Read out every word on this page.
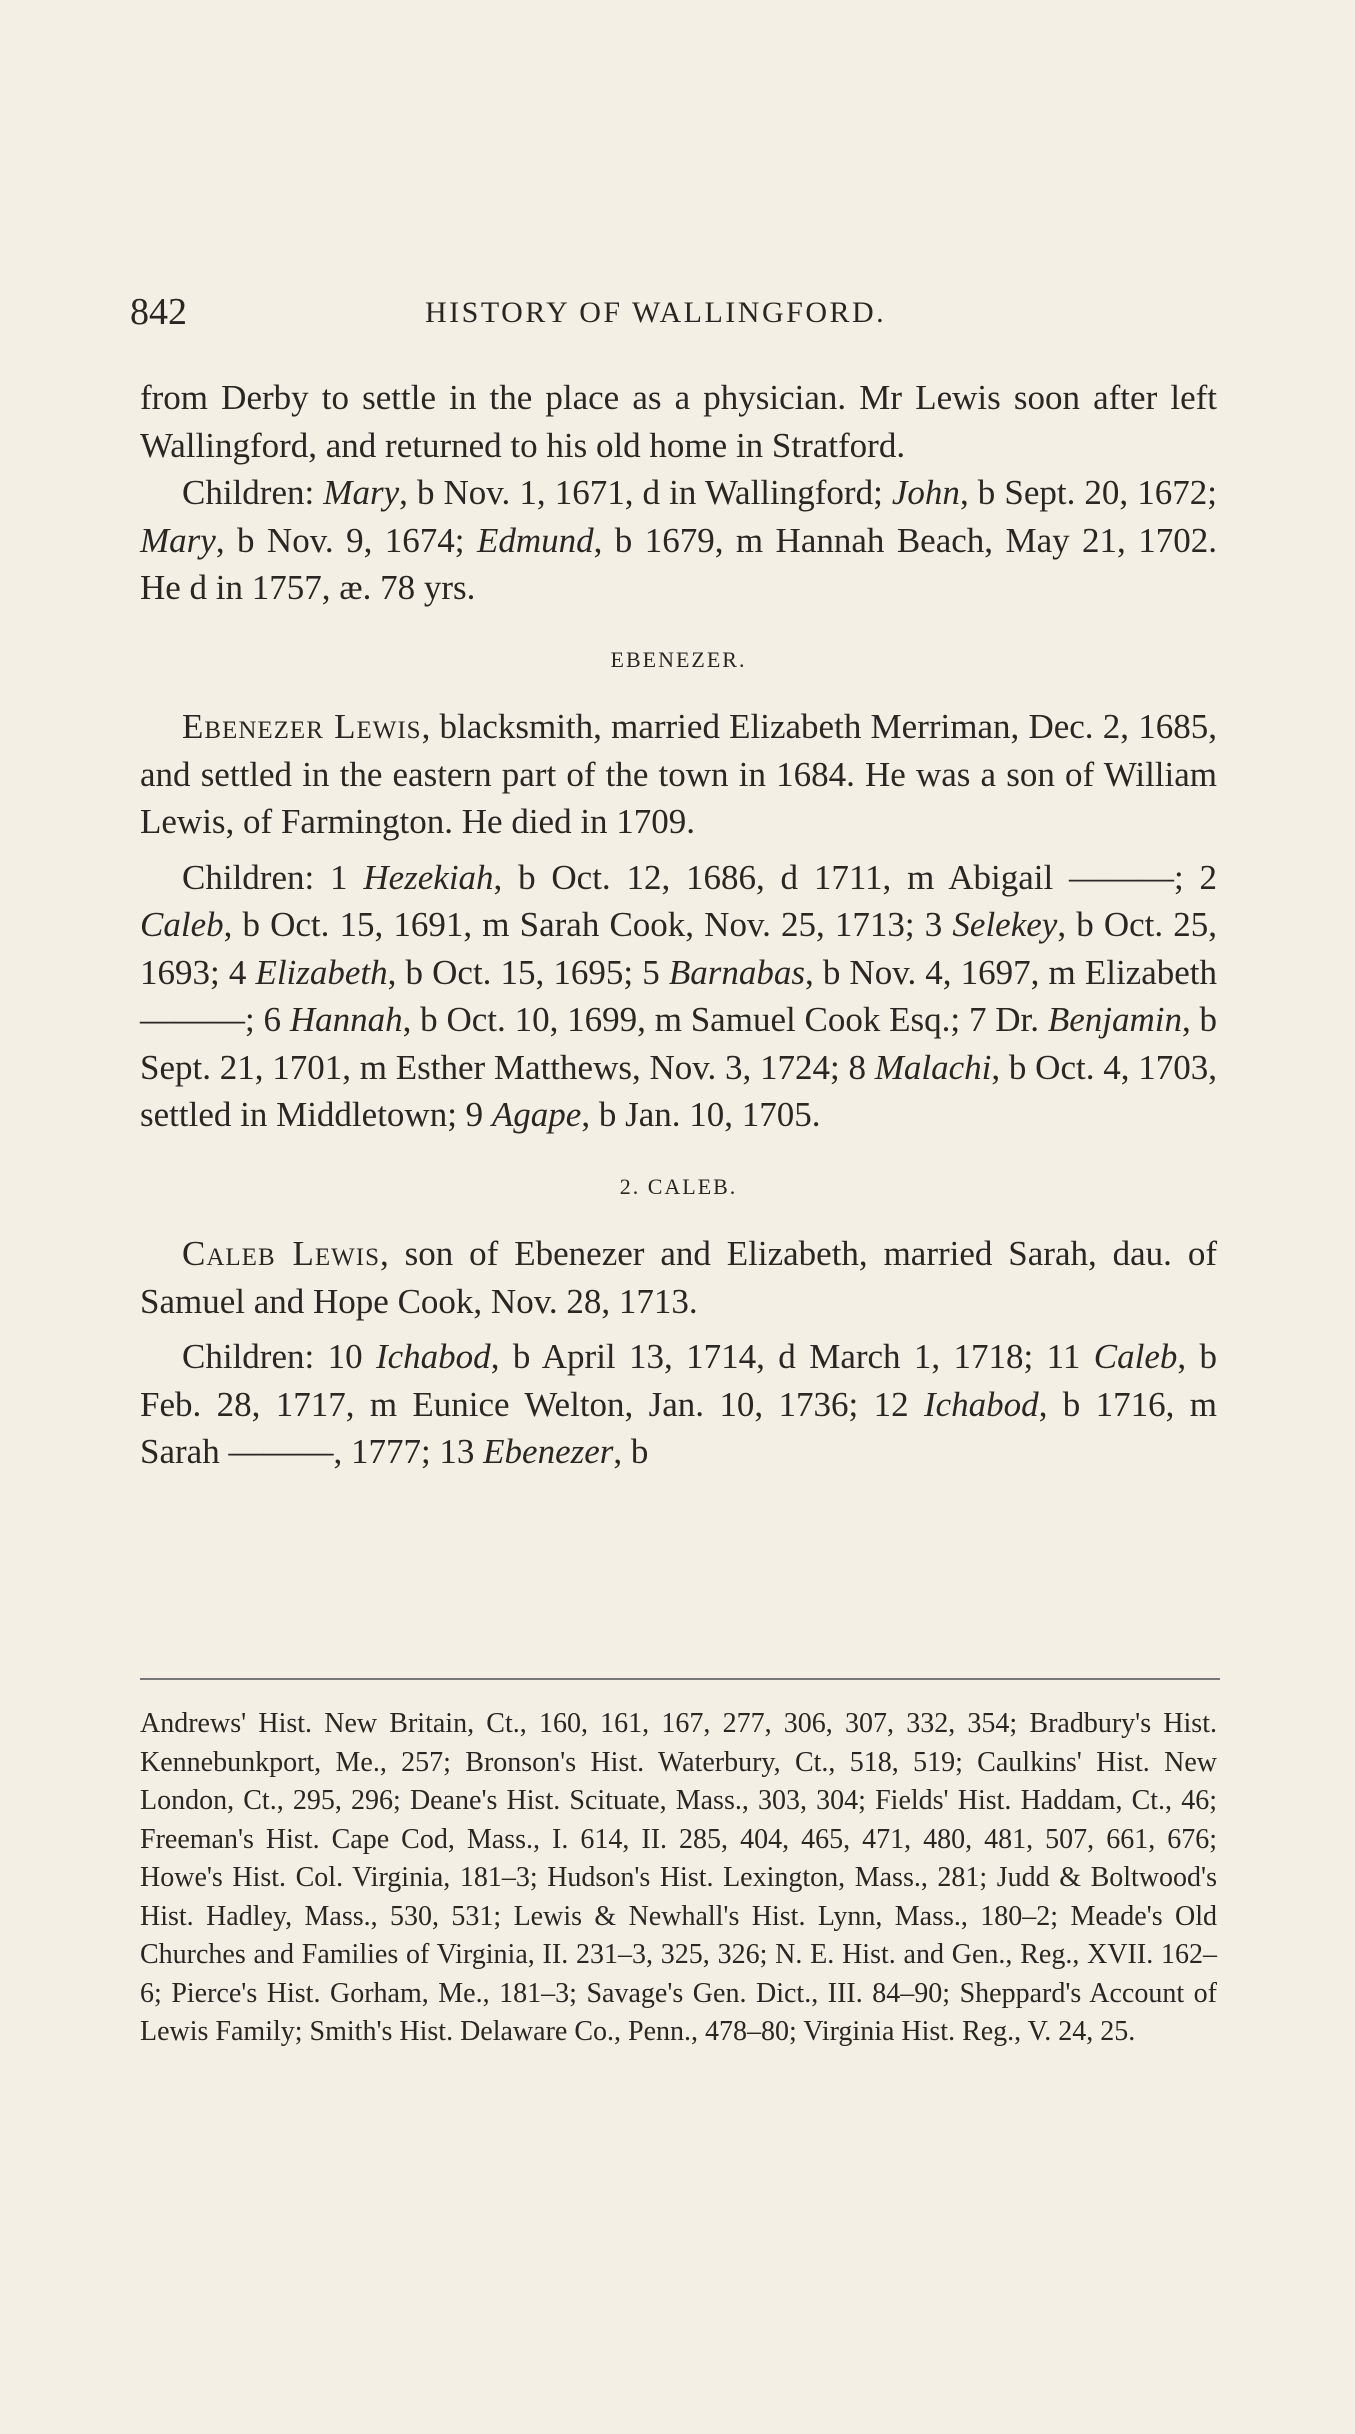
842	HISTORY OF WALLINGFORD.

from Derby to settle in the place as a physician. Mr Lewis soon after left Wallingford, and returned to his old home in Stratford.

Children: Mary, b Nov. 1, 1671, d in Wallingford; John, b Sept. 20, 1672; Mary, b Nov. 9, 1674; Edmund, b 1679, m Hannah Beach, May 21, 1702. He d in 1757, æ. 78 yrs.

EBENEZER.

Ebenezer Lewis, blacksmith, married Elizabeth Merriman, Dec. 2, 1685, and settled in the eastern part of the town in 1684. He was a son of William Lewis, of Farmington. He died in 1709.

Children: 1 Hezekiah, b Oct. 12, 1686, d 1711, m Abigail ———; 2 Caleb, b Oct. 15, 1691, m Sarah Cook, Nov. 25, 1713; 3 Selekey, b Oct. 25, 1693; 4 Elizabeth, b Oct. 15, 1695; 5 Barnabas, b Nov. 4, 1697, m Elizabeth ———; 6 Hannah, b Oct. 10, 1699, m Samuel Cook Esq.; 7 Dr. Benjamin, b Sept. 21, 1701, m Esther Matthews, Nov. 3, 1724; 8 Malachi, b Oct. 4, 1703, settled in Middletown; 9 Agape, b Jan. 10, 1705.

2. CALEB.

Caleb Lewis, son of Ebenezer and Elizabeth, married Sarah, dau. of Samuel and Hope Cook, Nov. 28, 1713.

Children: 10 Ichabod, b April 13, 1714, d March 1, 1718; 11 Caleb, b Feb. 28, 1717, m Eunice Welton, Jan. 10, 1736; 12 Ichabod, b 1716, m Sarah ———, 1777; 13 Ebenezer, b

Andrews' Hist. New Britain, Ct., 160, 161, 167, 277, 306, 307, 332, 354; Bradbury's Hist. Kennebunkport, Me., 257; Bronson's Hist. Waterbury, Ct., 518, 519; Caulkins' Hist. New London, Ct., 295, 296; Deane's Hist. Scituate, Mass., 303, 304; Fields' Hist. Haddam, Ct., 46; Freeman's Hist. Cape Cod, Mass., I. 614, II. 285, 404, 465, 471, 480, 481, 507, 661, 676; Howe's Hist. Col. Virginia, 181–3; Hudson's Hist. Lexington, Mass., 281; Judd & Boltwood's Hist. Hadley, Mass., 530, 531; Lewis & Newhall's Hist. Lynn, Mass., 180–2; Meade's Old Churches and Families of Virginia, II. 231–3, 325, 326; N. E. Hist. and Gen., Reg., XVII. 162–6; Pierce's Hist. Gorham, Me., 181–3; Savage's Gen. Dict., III. 84–90; Sheppard's Account of Lewis Family; Smith's Hist. Delaware Co., Penn., 478–80; Virginia Hist. Reg., V. 24, 25.
